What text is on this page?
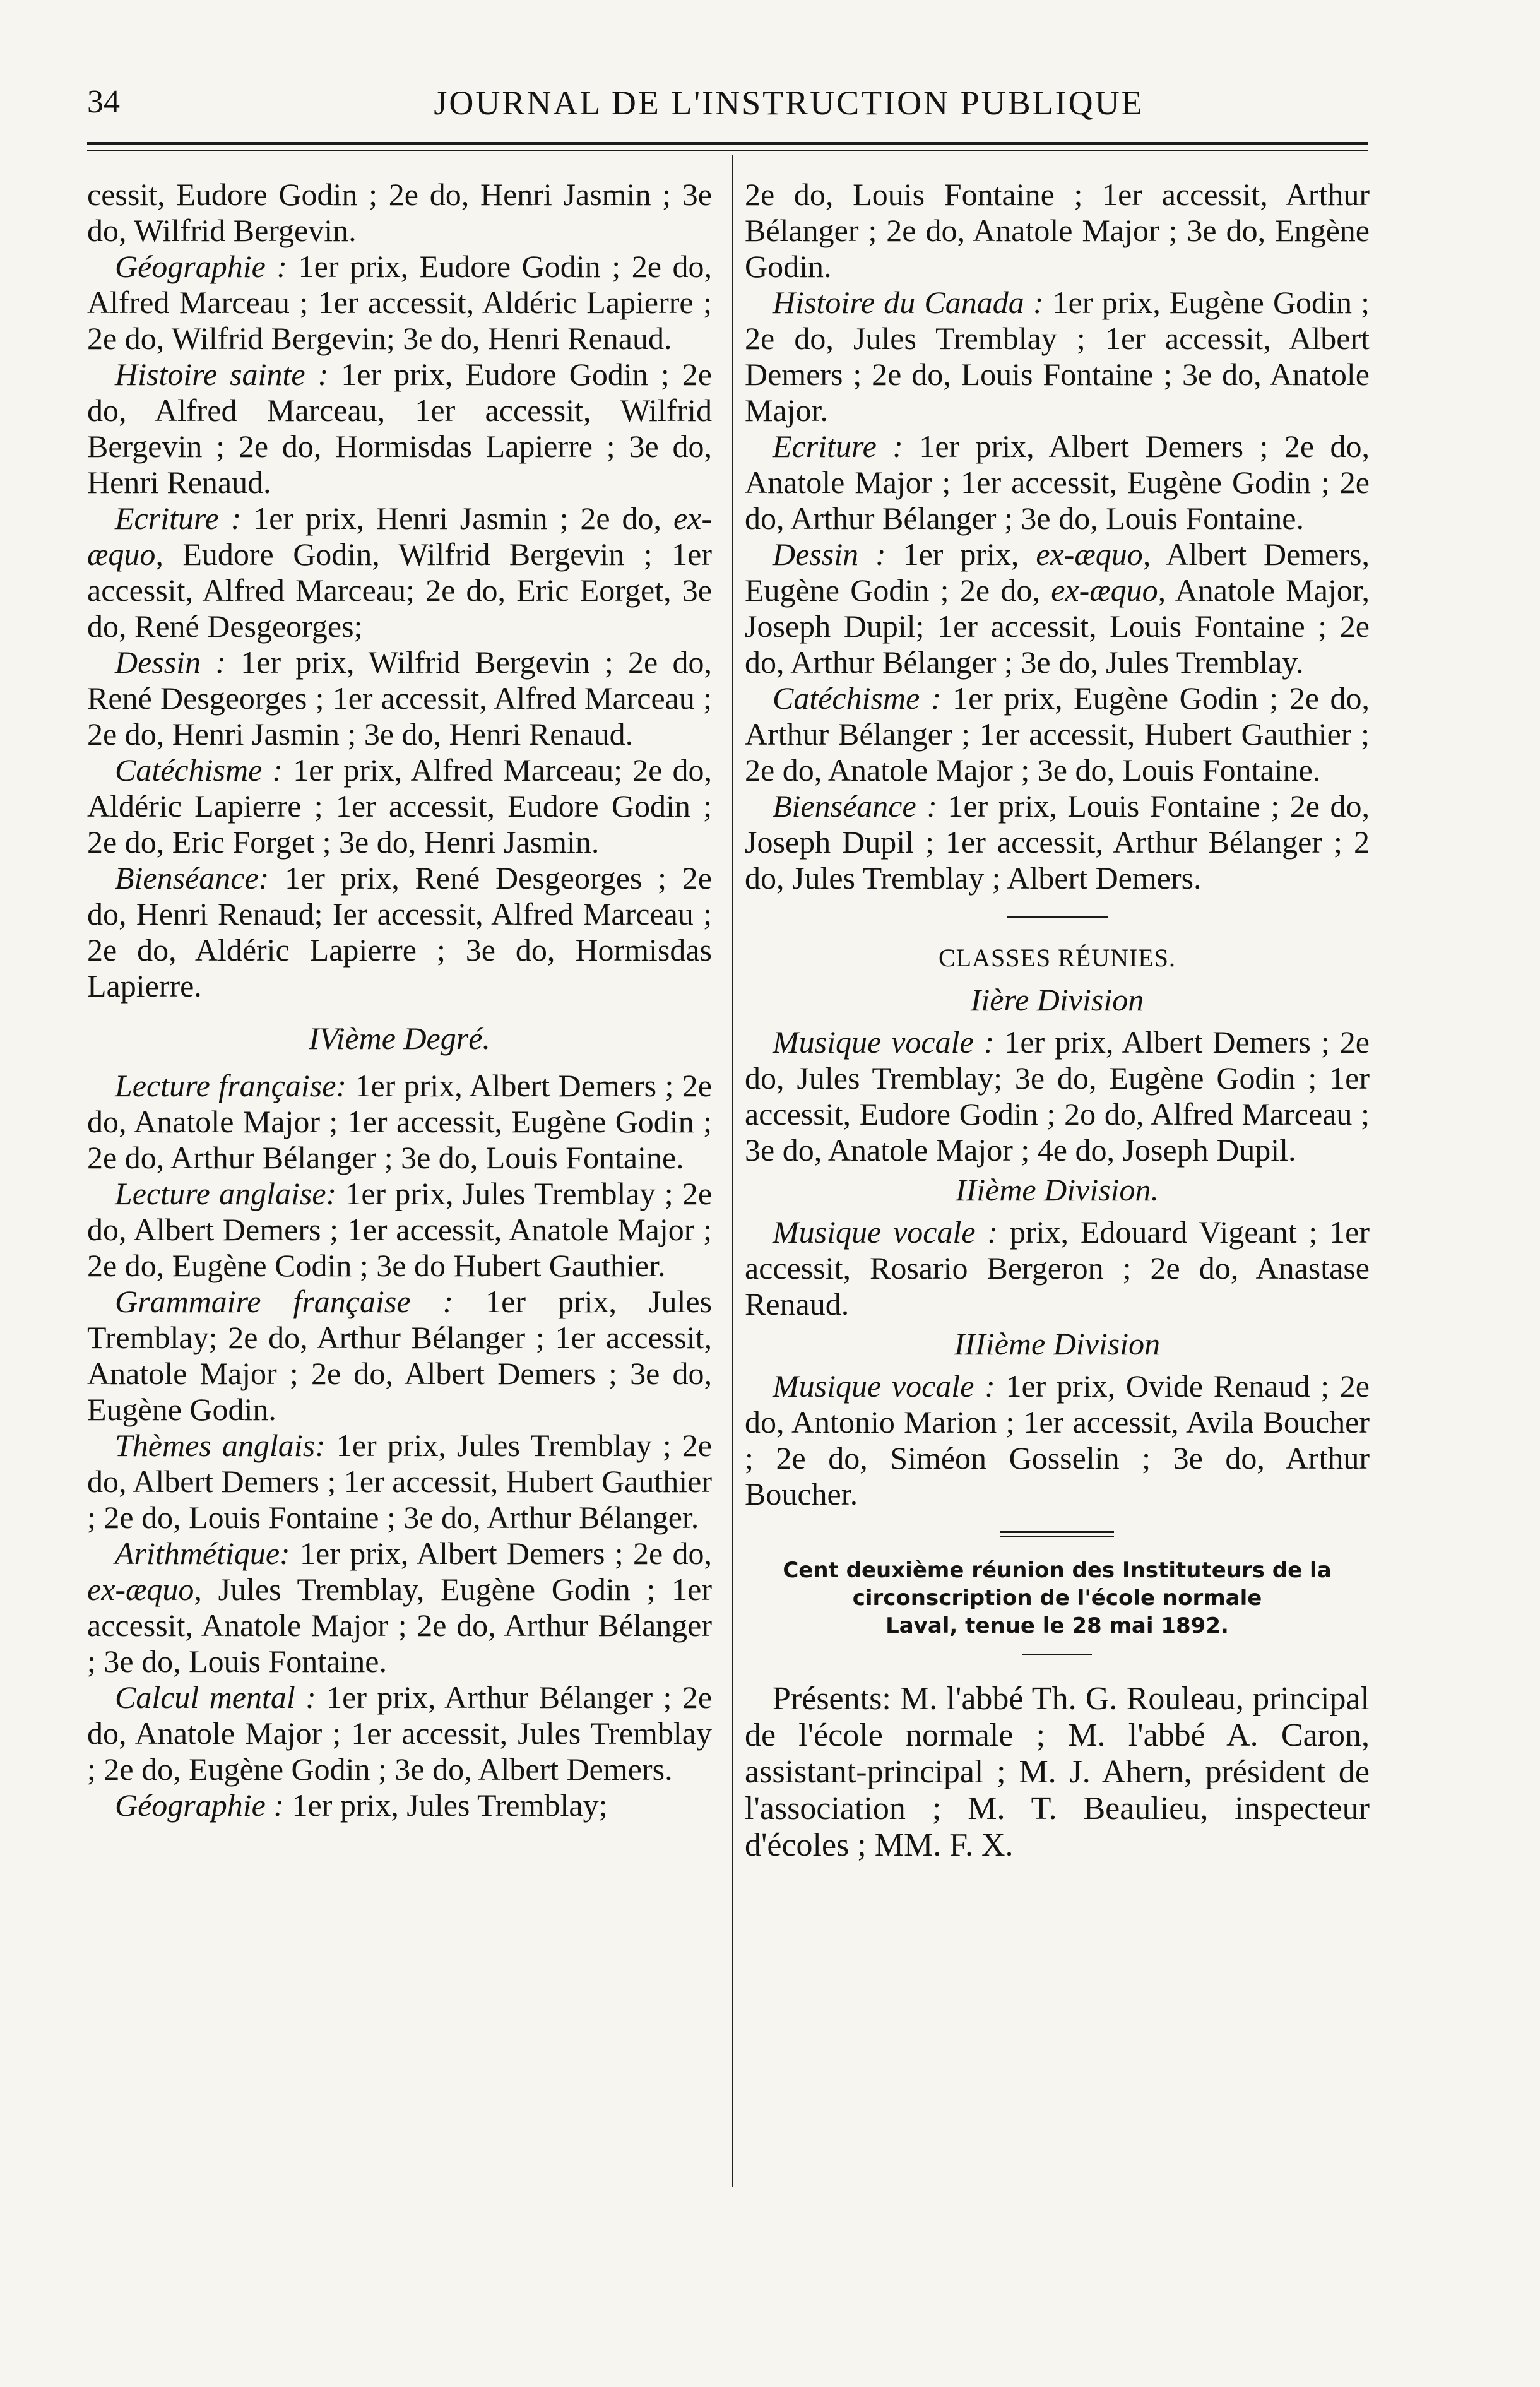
34	JOURNAL DE L'INSTRUCTION PUBLIQUE

cessit, Eudore Godin ; 2e do, Henri Jasmin ; 3e do, Wilfrid Bergevin.

Géographie : 1er prix, Eudore Godin ; 2e do, Alfred Marceau ; 1er accessit, Aldéric Lapierre ; 2e do, Wilfrid Bergevin; 3e do, Henri Renaud.

Histoire sainte : 1er prix, Eudore Godin ; 2e do, Alfred Marceau, 1er accessit, Wilfrid Bergevin ; 2e do, Hormisdas Lapierre ; 3e do, Henri Renaud.

Ecriture : 1er prix, Henri Jasmin ; 2e do, ex-æquo, Eudore Godin, Wilfrid Bergevin ; 1er accessit, Alfred Marceau; 2e do, Eric Eorget, 3e do, René Desgeorges;

Dessin : 1er prix, Wilfrid Bergevin ; 2e do, René Desgeorges ; 1er accessit, Alfred Marceau ; 2e do, Henri Jasmin ; 3e do, Henri Renaud.

Catéchisme : 1er prix, Alfred Marceau; 2e do, Aldéric Lapierre ; 1er accessit, Eudore Godin ; 2e do, Eric Forget ; 3e do, Henri Jasmin.

Bienséance: 1er prix, René Desgeorges ; 2e do, Henri Renaud; Ier accessit, Alfred Marceau ; 2e do, Aldéric Lapierre ; 3e do, Hormisdas Lapierre.

IVième Degré.

Lecture française: 1er prix, Albert Demers ; 2e do, Anatole Major ; 1er accessit, Eugène Godin ; 2e do, Arthur Bélanger ; 3e do, Louis Fontaine.

Lecture anglaise: 1er prix, Jules Tremblay ; 2e do, Albert Demers ; 1er accessit, Anatole Major ; 2e do, Eugène Codin ; 3e do Hubert Gauthier.

Grammaire française : 1er prix, Jules Tremblay; 2e do, Arthur Bélanger ; 1er accessit, Anatole Major ; 2e do, Albert Demers ; 3e do, Eugène Godin.

Thèmes anglais: 1er prix, Jules Tremblay ; 2e do, Albert Demers ; 1er accessit, Hubert Gauthier ; 2e do, Louis Fontaine ; 3e do, Arthur Bélanger.

Arithmétique: 1er prix, Albert Demers ; 2e do, ex-æquo, Jules Tremblay, Eugène Godin ; 1er accessit, Anatole Major ; 2e do, Arthur Bélanger ; 3e do, Louis Fontaine.

Calcul mental : 1er prix, Arthur Bélanger ; 2e do, Anatole Major ; 1er accessit, Jules Tremblay ; 2e do, Eugène Godin ; 3e do, Albert Demers.

Géographie : 1er prix, Jules Tremblay;

2e do, Louis Fontaine ; 1er accessit, Arthur Bélanger ; 2e do, Anatole Major ; 3e do, Engène Godin.

Histoire du Canada : 1er prix, Eugène Godin ; 2e do, Jules Tremblay ; 1er accessit, Albert Demers ; 2e do, Louis Fontaine ; 3e do, Anatole Major.

Ecriture : 1er prix, Albert Demers ; 2e do, Anatole Major ; 1er accessit, Eugène Godin ; 2e do, Arthur Bélanger ; 3e do, Louis Fontaine.

Dessin : 1er prix, ex-æquo, Albert Demers, Eugène Godin ; 2e do, ex-æquo, Anatole Major, Joseph Dupil; 1er accessit, Louis Fontaine ; 2e do, Arthur Bélanger ; 3e do, Jules Tremblay.

Catéchisme : 1er prix, Eugène Godin ; 2e do, Arthur Bélanger ; 1er accessit, Hubert Gauthier ; 2e do, Anatole Major ; 3e do, Louis Fontaine.

Bienséance : 1er prix, Louis Fontaine ; 2e do, Joseph Dupil ; 1er accessit, Arthur Bélanger ; 2 do, Jules Tremblay ; Albert Demers.

CLASSES RÉUNIES.
Iière Division

Musique vocale : 1er prix, Albert Demers ; 2e do, Jules Tremblay; 3e do, Eugène Godin ; 1er accessit, Eudore Godin ; 2o do, Alfred Marceau ; 3e do, Anatole Major ; 4e do, Joseph Dupil.

IIième Division.

Musique vocale : prix, Edouard Vigeant ; 1er accessit, Rosario Bergeron ; 2e do, Anastase Renaud.

IIIième Division

Musique vocale : 1er prix, Ovide Renaud ; 2e do, Antonio Marion ; 1er accessit, Avila Boucher ; 2e do, Siméon Gosselin ; 3e do, Arthur Boucher.

Cent deuxième réunion des Instituteurs de la
circonscription de l'école normale
Laval, tenue le 28 mai 1892.

Présents: M. l'abbé Th. G. Rouleau, principal de l'école normale ; M. l'abbé A. Caron, assistant-principal ; M. J. Ahern, président de l'association ; M. T. Beaulieu, inspecteur d'écoles ; MM. F. X.
